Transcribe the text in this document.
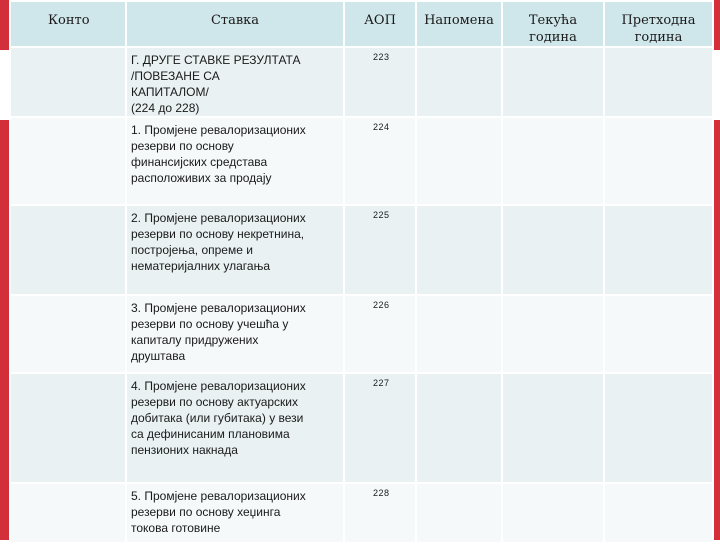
Конто	Ставка	АОП	Напомена	Текућа година	Претходна година
	Г. ДРУГЕ СТАВКЕ РЕЗУЛТАТА
/ПОВЕЗАНЕ СА
КАПИТАЛОМ/
(224 до 228)	223			
	1. Промјене ревалоризационих
резерви по основу
финансијских средстава
расположивих за продају	224			
	2. Промјене ревалоризационих
резерви по основу некретнина,
постројења, опреме и
нематеријалних улагања	225			
	3. Промјене ревалоризационих
резерви по основу учешћа у
капиталу придружених
друштава	226			
	4. Промјене ревалоризационих
резерви по основу актуарских
добитака (или губитака) у вези
са дефинисаним плановима
пензионих накнада	227			
	5. Промјене ревалоризационих
резерви по основу хеџинга
токова готовине	228			
